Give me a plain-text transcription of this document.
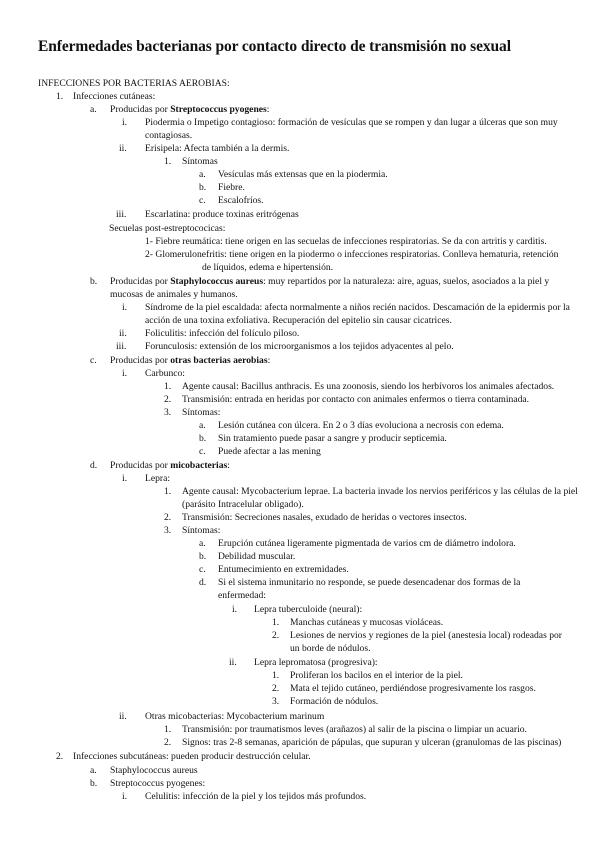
Enfermedades bacterianas por contacto directo de transmisión no sexual
INFECCIONES POR BACTERIAS AEROBIAS:
1. Infecciones cutáneas:
a. Producidas por Streptococcus pyogenes:
i. Piodermia o Impetigo contagioso: formación de vesículas que se rompen y dan lugar a úlceras que son muy
contagiosas.
ii. Erisipela: Afecta también a la dermis.
1. Síntomas
a. Vesículas más extensas que en la piodermia.
b. Fiebre.
c. Escalofríos.
iii. Escarlatina: produce toxinas eritrógenas
Secuelas post-estreptococicas:
1- Fiebre reumática: tiene origen en las secuelas de infecciones respiratorias. Se da con artritis y carditis.
2- Glomerulonefritis: tiene origen en la piodermo o infecciones respiratorias. Conlleva hematuria, retención
de líquidos, edema e hipertensión.
b. Producidas por Staphylococcus aureus: muy repartidos por la naturaleza: aire, aguas, suelos, asociados a la piel y
mucosas de animales y humanos.
i. Síndrome de la piel escaldada: afecta normalmente a niños recién nacidos. Descamación de la epidermis por la
acción de una toxina exfoliativa. Recuperación del epitelio sin causar cicatrices.
ii. Foliculitis: infección del folículo piloso.
iii. Forunculosis: extensión de los microorganismos a los tejidos adyacentes al pelo.
c. Producidas por otras bacterias aerobias:
i. Carbunco:
1. Agente causal: Bacillus anthracis. Es una zoonosis, siendo los herbívoros los animales afectados.
2. Transmisión: entrada en heridas por contacto con animales enfermos o tierra contaminada.
3. Síntomas:
a. Lesión cutánea con úlcera. En 2 o 3 días evoluciona a necrosis con edema.
b. Sin tratamiento puede pasar a sangre y producir septicemia.
c. Puede afectar a las mening
d. Producidas por micobacterias:
i. Lepra:
1. Agente causal: Mycobacterium leprae. La bacteria invade los nervios periféricos y las células de la piel
(parásito Intracelular obligado).
2. Transmisión: Secreciones nasales, exudado de heridas o vectores insectos.
3. Síntomas:
a. Erupción cutánea ligeramente pigmentada de varios cm de diámetro indolora.
b. Debilidad muscular.
c. Entumecimiento en extremidades.
d. Si el sistema inmunitario no responde, se puede desencadenar dos formas de la
enfermedad:
i. Lepra tuberculoide (neural):
1. Manchas cutáneas y mucosas violáceas.
2. Lesiones de nervios y regiones de la piel (anestesia local) rodeadas por
un borde de nódulos.
ii. Lepra lepromatosa (progresiva):
1. Proliferan los bacilos en el interior de la piel.
2. Mata el tejido cutáneo, perdiéndose progresivamente los rasgos.
3. Formación de nódulos.
ii. Otras micobacterias: Mycobacterium marinum
1. Transmisión: por traumatismos leves (arañazos) al salir de la piscina o limpiar un acuario.
2. Signos: tras 2-8 semanas, aparición de pápulas, que supuran y ulceran (granulomas de las piscinas)
2. Infecciones subcutáneas: pueden producir destrucción celular.
a. Staphylococcus aureus
b. Streptococcus pyogenes:
i. Celulitis: infección de la piel y los tejidos más profundos.
